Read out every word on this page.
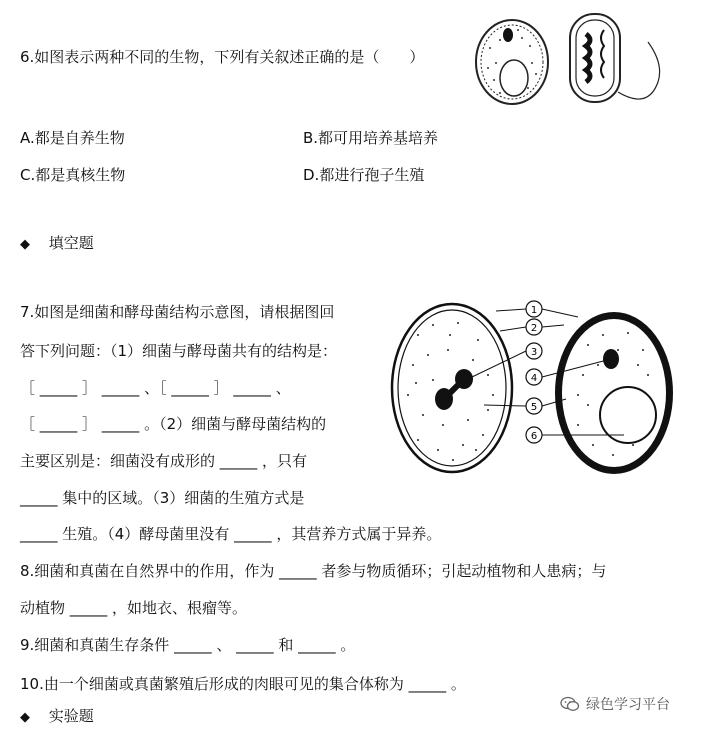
6.如图表示两种不同的生物，下列有关叙述正确的是（　　）
A.都是自养生物	B.都可用培养基培养
C.都是真核生物	D.都进行孢子生殖
◆ 填空题
7.如图是细菌和酵母菌结构示意图，请根据图回
答下列问题：（1）细菌与酵母菌共有的结构是：
［ _____ ］ _____ 、［ _____ ］ _____ 、
［ _____ ］ _____ 。（2）细菌与酵母菌结构的
主要区别是：细菌没有成形的 _____ ，只有
_____ 集中的区域。（3）细菌的生殖方式是
_____ 生殖。（4）酵母菌里没有 _____ ，其营养方式属于异养。
1
2
3
4
5
6
8.细菌和真菌在自然界中的作用，作为 _____ 者参与物质循环；引起动植物和人患病；与
动植物 _____ ，如地衣、根瘤等。
9.细菌和真菌生存条件 _____ 、 _____ 和 _____ 。
10.由一个细菌或真菌繁殖后形成的肉眼可见的集合体称为 _____ 。
◆ 实验题
绿色学习平台
